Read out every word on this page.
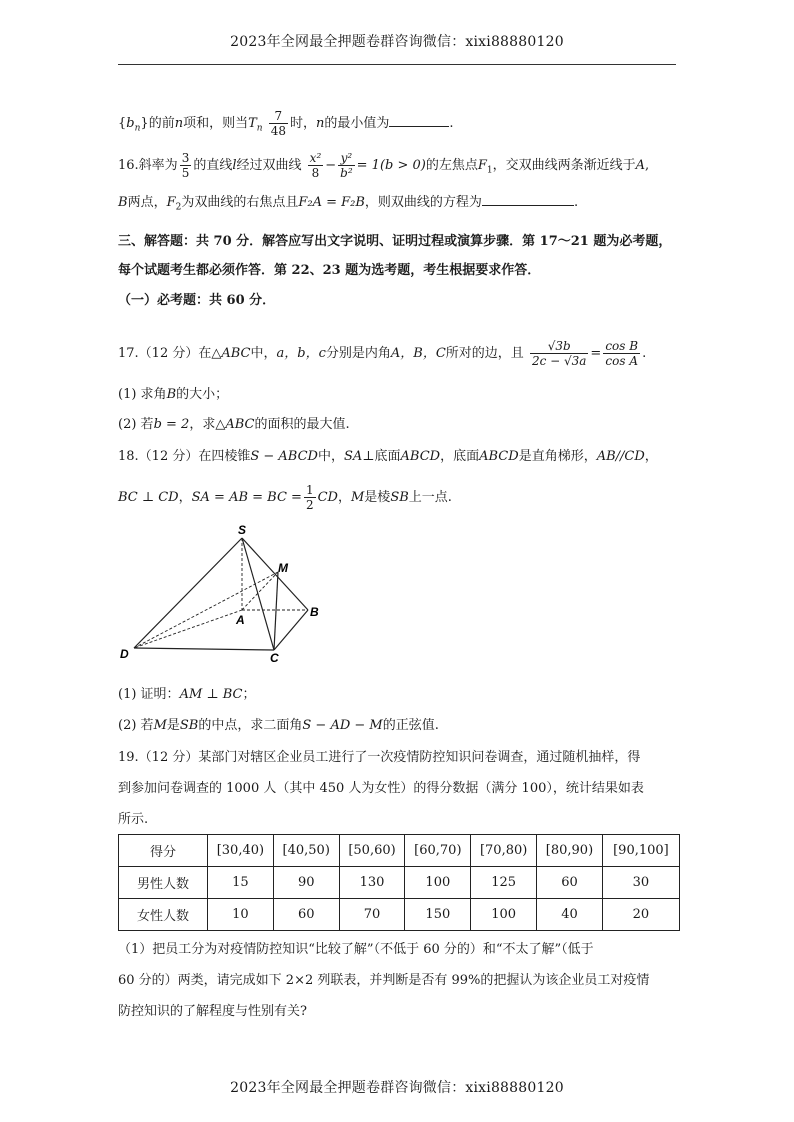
2023年全网最全押题卷群咨询微信：xixi88880120
2023年全网最全押题卷群咨询微信：xixi88880120
$\{b_n\}$的前n项和，则当$T_n \frac{7}{48}$ 时，n的最小值为	.
16.斜率为 $\frac{3}{5}$ 的直线l经过双曲线 $\frac{\text{x²}}{8} - \frac{\text{y²}}{\text{b²}} = 1(b > 0)$的左焦点$F_1$，交双曲线两条渐近线于A,
B两点，$F_2$为双曲线的右焦点且F₂A = F₂B，则双曲线的方程为	.
三、解答题：共 70 分．解答应写出文字说明、证明过程或演算步骤．第 17～21 题为必考题，
每个试题考生都必须作答．第 22、23 题为选考题，考生根据要求作答．
（一）必考题：共 60 分．
17.（12 分）在△ABC中，a，b，c分别是内角A，B，C所对的边，且 $\frac{√3b}{2c - √3a} = \frac{\text{cos B}}{\text{cos A}}$ .
(1) 求角B的大小；
(2) 若b = 2，求△ABC的面积的最大值.
18.（12 分）在四棱锥S − ABCD中，SA⊥底面ABCD，底面ABCD是直角梯形，AB//CD，
BC ⊥ CD，SA = AB = BC = $\frac{1}{2}$ CD，M是棱SB上一点.
S
M
A
B
D	C
(1) 证明：AM ⊥ BC；
(2) 若M是SB的中点，求二面角S − AD − M的正弦值.
19.（12 分）某部门对辖区企业员工进行了一次疫情防控知识问卷调查，通过随机抽样，得
到参加问卷调查的 1000 人（其中 450 人为女性）的得分数据（满分 100），统计结果如表
所示.
得分	[30,40)	[40,50)	[50,60)	[60,70)	[70,80)	[80,90)	[90,100]
男性人数	15	90	130	100	125	60	30
女性人数	10	60	70	150	100	40	20
（1）把员工分为对疫情防控知识“比较了解”（不低于 60 分的）和“不太了解”（低于
60 分的）两类，请完成如下 2×2 列联表，并判断是否有 99%的把握认为该企业员工对疫情
防控知识的了解程度与性别有关?
